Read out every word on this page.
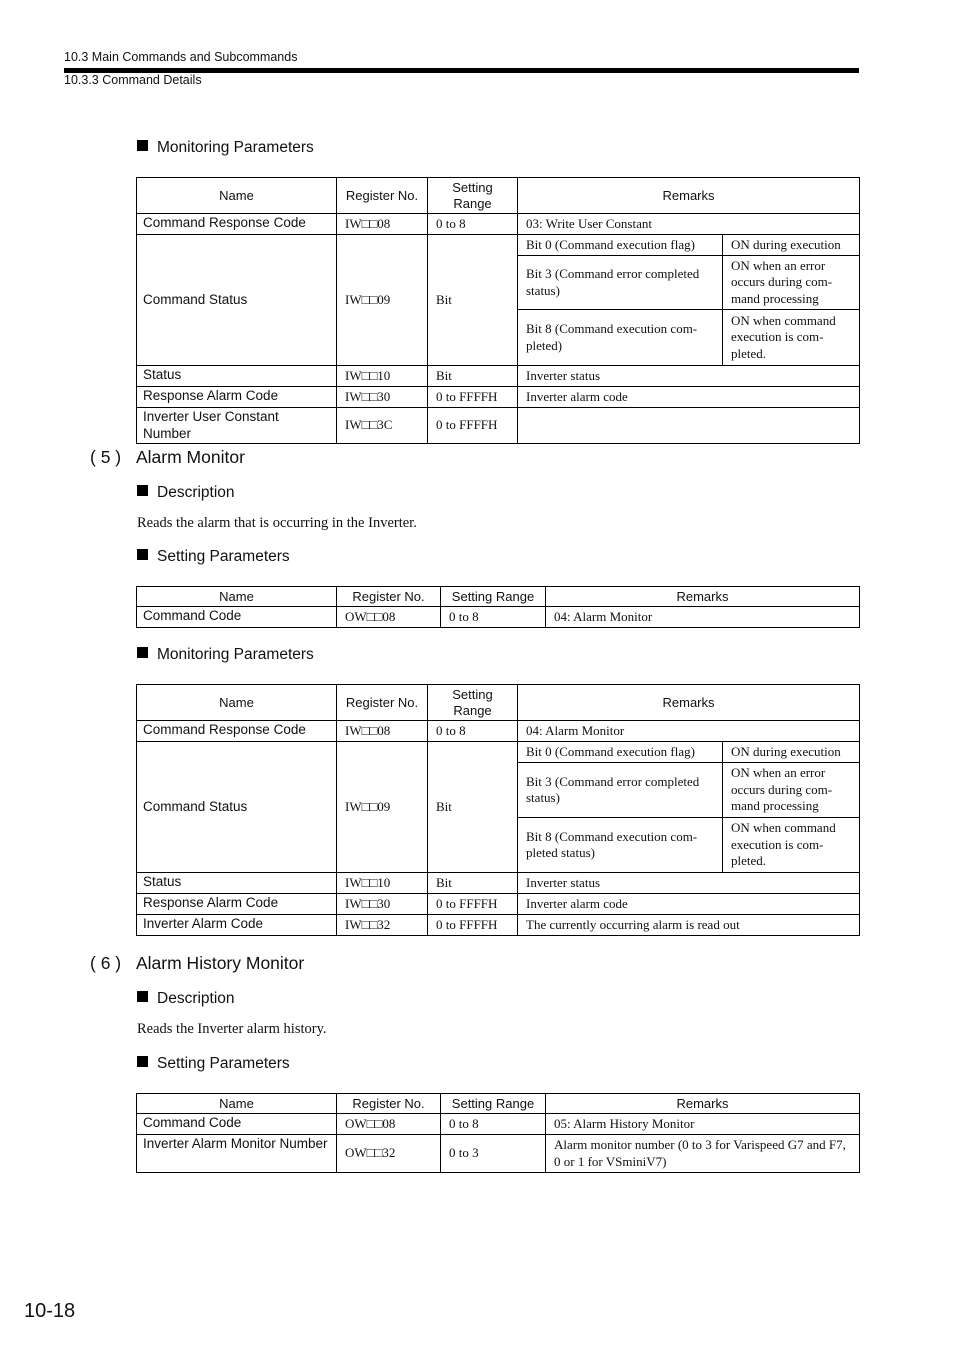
10.3 Main Commands and Subcommands
10.3.3 Command Details
Monitoring Parameters
Name	Register No.	Setting Range	Remarks	
Command Response Code	IW□□08	0 to 8	03: Write User Constant	
Command Status	IW□□09	Bit	Bit 0 (Command execution flag)	ON during execution
			Bit 3 (Command error completed status)	ON when an error occurs during com-mand processing
			Bit 8 (Command execution com-pleted)	ON when command execution is com-pleted.
Status	IW□□10	Bit	Inverter status	
Response Alarm Code	IW□□30	0 to FFFFH	Inverter alarm code	
Inverter User Constant Number	IW□□3C	0 to FFFFH		
( 5 ) Alarm Monitor
Description
Reads the alarm that is occurring in the Inverter.
Setting Parameters
Name	Register No.	Setting Range	Remarks
Command Code	OW□□08	0 to 8	04: Alarm Monitor
Monitoring Parameters
Name	Register No.	Setting Range	Remarks	
Command Response Code	IW□□08	0 to 8	04: Alarm Monitor	
Command Status	IW□□09	Bit	Bit 0 (Command execution flag)	ON during execution
			Bit 3 (Command error completed status)	ON when an error occurs during com-mand processing
			Bit 8 (Command execution com-pleted status)	ON when command execution is com-pleted.
Status	IW□□10	Bit	Inverter status	
Response Alarm Code	IW□□30	0 to FFFFH	Inverter alarm code	
Inverter Alarm Code	IW□□32	0 to FFFFH	The currently occurring alarm is read out	
( 6 ) Alarm History Monitor
Description
Reads the Inverter alarm history.
Setting Parameters
Name	Register No.	Setting Range	Remarks
Command Code	OW□□08	0 to 8	05: Alarm History Monitor
Inverter Alarm Monitor Number	OW□□32	0 to 3	Alarm monitor number (0 to 3 for Varispeed G7 and F7, 0 or 1 for VSminiV7)
10-18
